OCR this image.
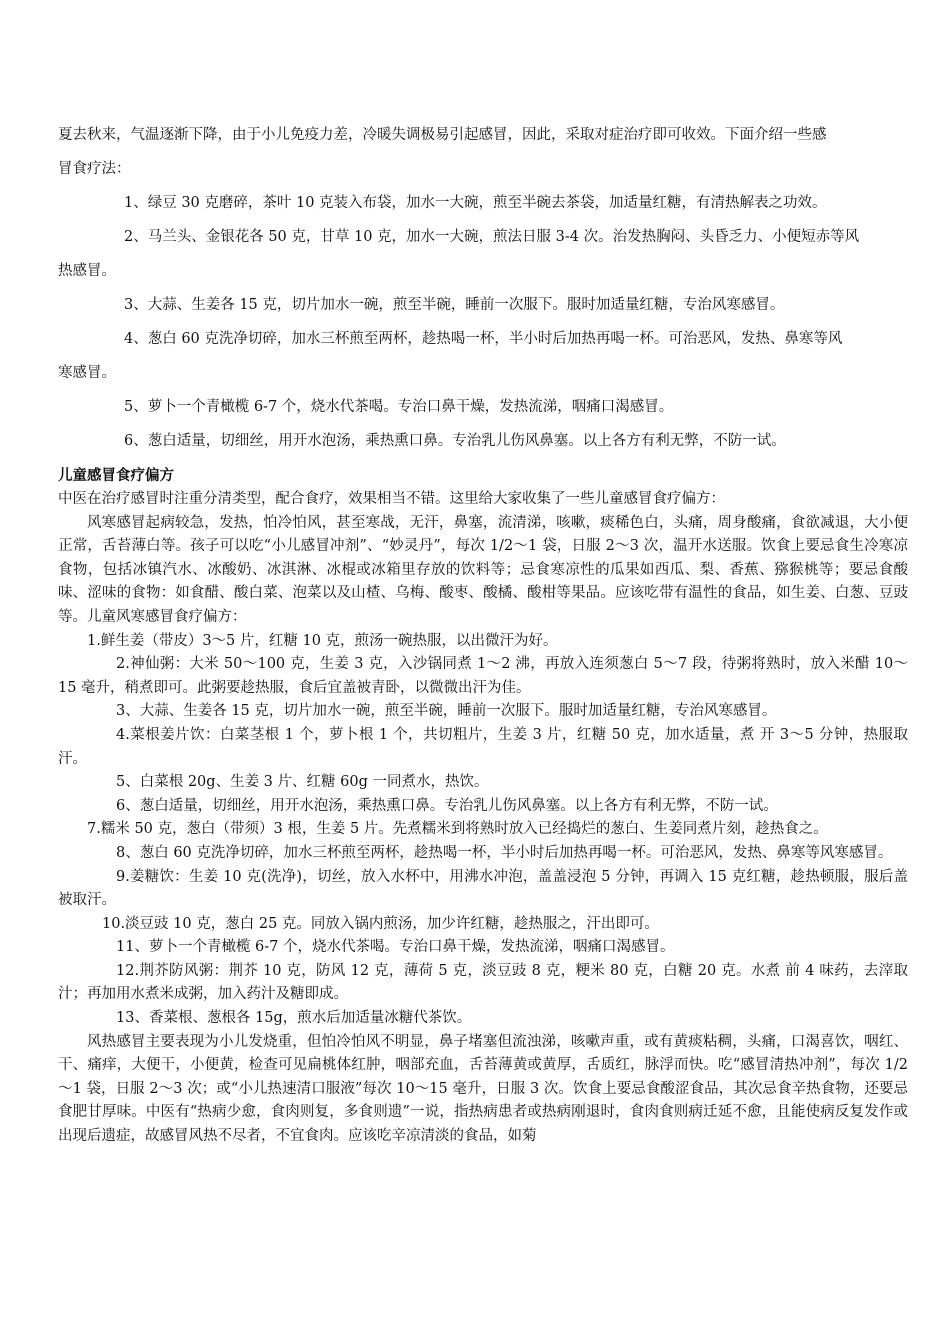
夏去秋来，气温逐渐下降，由于小儿免疫力差，冷暖失调极易引起感冒，因此，采取对症治疗即可收效。下面介绍一些感

冒食疗法：

1、绿豆 30 克磨碎，茶叶 10 克装入布袋，加水一大碗，煎至半碗去茶袋，加适量红糖，有清热解表之功效。

2、马兰头、金银花各 50 克，甘草 10 克，加水一大碗，煎法日服 3-4 次。治发热胸闷、头昏乏力、小便短赤等风

热感冒。

3、大蒜、生姜各 15 克，切片加水一碗，煎至半碗，睡前一次服下。服时加适量红糖，专治风寒感冒。

4、葱白 60 克洗净切碎，加水三杯煎至两杯，趁热喝一杯，半小时后加热再喝一杯。可治恶风，发热、鼻寒等风

寒感冒。

5、萝卜一个青橄榄 6-7 个，烧水代茶喝。专治口鼻干燥，发热流涕，咽痛口渴感冒。

6、葱白适量，切细丝，用开水泡汤，乘热熏口鼻。专治乳儿伤风鼻塞。以上各方有利无弊，不防一试。

儿童感冒食疗偏方

中医在治疗感冒时注重分清类型，配合食疗，效果相当不错。这里给大家收集了一些儿童感冒食疗偏方：

风寒感冒起病较急，发热，怕冷怕风，甚至寒战，无汗，鼻塞，流清涕，咳嗽，痰稀色白，头痛，周身酸痛，食欲减退，大小便正常，舌苔薄白等。孩子可以吃“小儿感冒冲剂”、“妙灵丹”，每次 1/2～1 袋，日服 2～3 次，温开水送服。饮食上要忌食生冷寒凉食物，包括冰镇汽水、冰酸奶、冰淇淋、冰棍或冰箱里存放的饮料等；忌食寒凉性的瓜果如西瓜、梨、香蕉、猕猴桃等；要忌食酸味、涩味的食物：如食醋、酸白菜、泡菜以及山楂、乌梅、酸枣、酸橘、酸柑等果品。应该吃带有温性的食品，如生姜、白葱、豆豉等。儿童风寒感冒食疗偏方：

1.鲜生姜（带皮）3～5 片，红糖 10 克，煎汤一碗热服，以出微汗为好。

2.神仙粥：大米 50～100 克，生姜 3 克，入沙锅同煮 1～2 沸，再放入连须葱白 5～7 段，待粥将熟时，放入米醋 10～15 毫升，稍煮即可。此粥要趁热服，食后宜盖被青卧，以微微出汗为佳。

3、大蒜、生姜各 15 克，切片加水一碗，煎至半碗，睡前一次服下。服时加适量红糖，专治风寒感冒。

4.菜根姜片饮：白菜茎根 1 个，萝卜根 1 个，共切粗片，生姜 3 片，红糖 50 克，加水适量，煮 开 3～5 分钟，热服取汗。

5、白菜根 20g、生姜 3 片、红糖 60g 一同煮水，热饮。

6、葱白适量，切细丝，用开水泡汤，乘热熏口鼻。专治乳儿伤风鼻塞。以上各方有利无弊，不防一试。

7.糯米 50 克，葱白（带须）3 根，生姜 5 片。先煮糯米到将熟时放入已经捣烂的葱白、生姜同煮片刻，趁热食之。

8、葱白 60 克洗净切碎，加水三杯煎至两杯，趁热喝一杯，半小时后加热再喝一杯。可治恶风，发热、鼻寒等风寒感冒。

9.姜糖饮：生姜 10 克(洗净)，切丝，放入水杯中，用沸水冲泡，盖盖浸泡 5 分钟，再调入 15 克红糖，趁热顿服，服后盖被取汗。

10.淡豆豉 10 克，葱白 25 克。同放入锅内煎汤，加少许红糖，趁热服之，汗出即可。

11、萝卜一个青橄榄 6-7 个，烧水代茶喝。专治口鼻干燥，发热流涕，咽痛口渴感冒。

12.荆芥防风粥：荆芥 10 克，防风 12 克，薄荷 5 克，淡豆豉 8 克，粳米 80 克，白糖 20 克。水煮 前 4 味药，去滓取汁；再加用水煮米成粥，加入药汁及糖即成。

13、香菜根、葱根各 15g，煎水后加适量冰糖代茶饮。

风热感冒主要表现为小儿发烧重，但怕冷怕风不明显，鼻子堵塞但流浊涕，咳嗽声重，或有黄痰粘稠，头痛，口渴喜饮，咽红、干、痛痒，大便干，小便黄，检查可见扁桃体红肿，咽部充血，舌苔薄黄或黄厚，舌质红，脉浮而快。吃“感冒清热冲剂”，每次 1/2～1 袋，日服 2～3 次；或“小儿热速清口服液”每次 10～15 毫升，日服 3 次。饮食上要忌食酸涩食品，其次忌食辛热食物，还要忌食肥甘厚味。中医有“热病少愈，食肉则复，多食则遗”一说，指热病患者或热病刚退时，食肉食则病迁延不愈，且能使病反复发作或出现后遗症，故感冒风热不尽者，不宜食肉。应该吃辛凉清淡的食品，如菊
